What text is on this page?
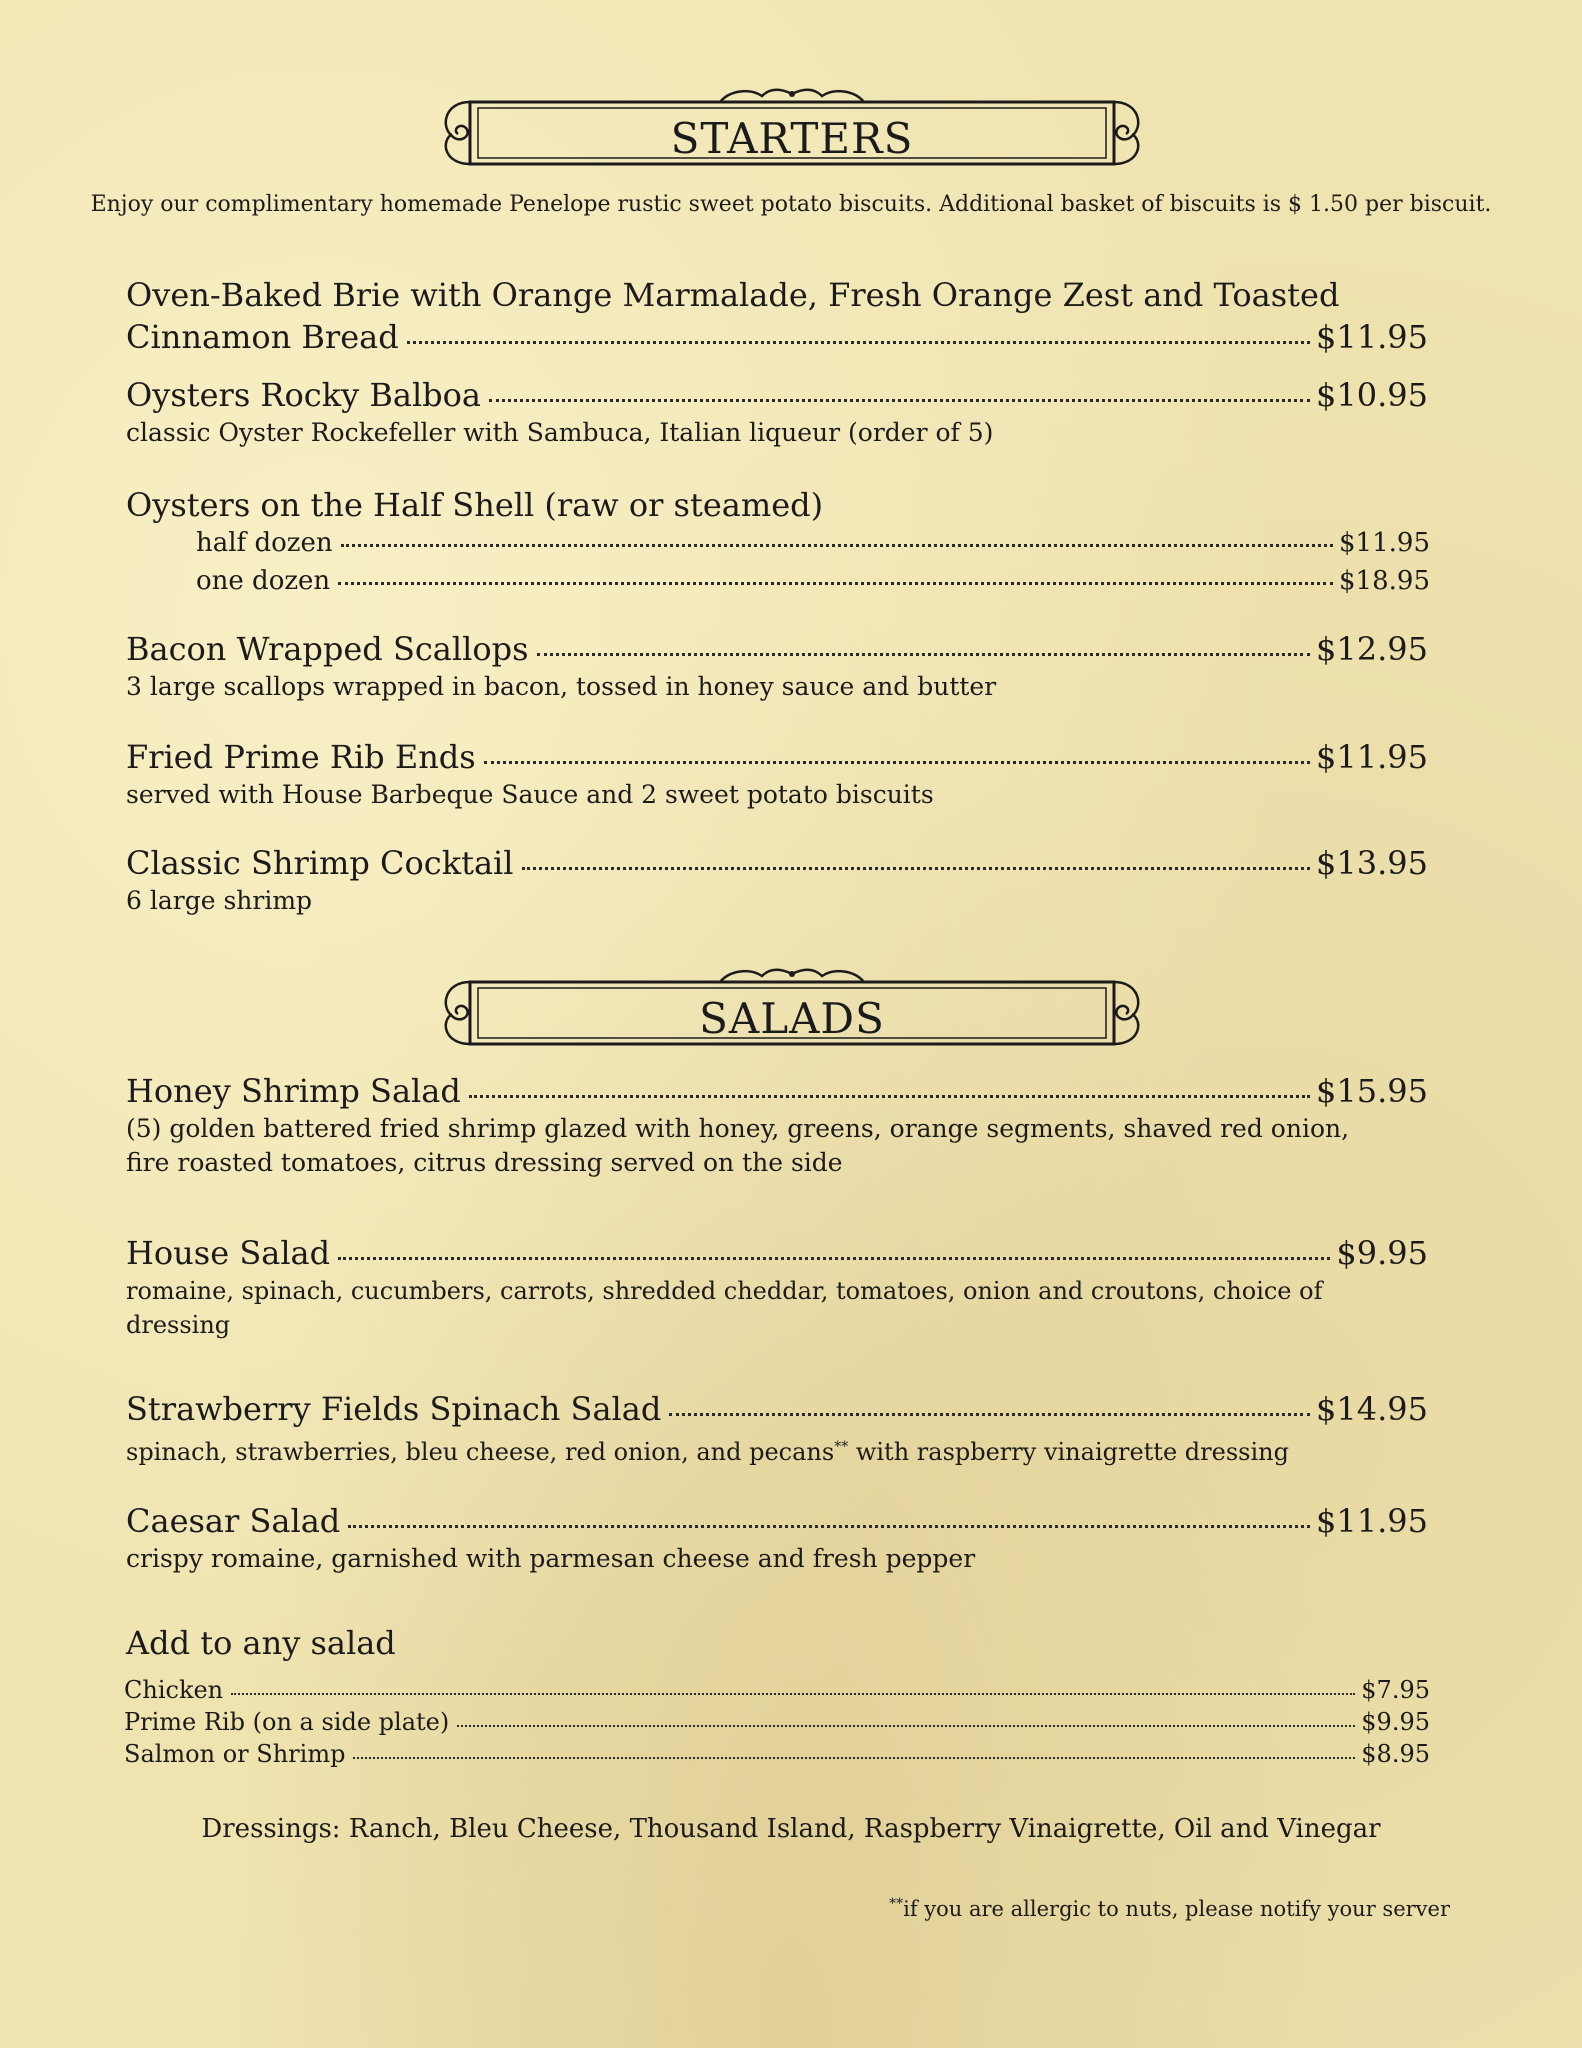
STARTERS
Enjoy our complimentary homemade Penelope rustic sweet potato biscuits. Additional basket of biscuits is $ 1.50 per biscuit.
Oven-Baked Brie with Orange Marmalade, Fresh Orange Zest and Toasted
Cinnamon Bread	$11.95
Oysters Rocky Balboa	$10.95
classic Oyster Rockefeller with Sambuca, Italian liqueur (order of 5)
Oysters on the Half Shell (raw or steamed)
half dozen	$11.95
one dozen	$18.95
Bacon Wrapped Scallops	$12.95
3 large scallops wrapped in bacon, tossed in honey sauce and butter
Fried Prime Rib Ends	$11.95
served with House Barbeque Sauce and 2 sweet potato biscuits
Classic Shrimp Cocktail	$13.95
6 large shrimp
SALADS
Honey Shrimp Salad	$15.95
(5) golden battered fried shrimp glazed with honey, greens, orange segments, shaved red onion, fire roasted tomatoes, citrus dressing served on the side
House Salad	$9.95
romaine, spinach, cucumbers, carrots, shredded cheddar, tomatoes, onion and croutons, choice of dressing
Strawberry Fields Spinach Salad	$14.95
spinach, strawberries, bleu cheese, red onion, and pecans** with raspberry vinaigrette dressing
Caesar Salad	$11.95
crispy romaine, garnished with parmesan cheese and fresh pepper
Add to any salad
Chicken	$7.95
Prime Rib (on a side plate)	$9.95
Salmon or Shrimp	$8.95
Dressings: Ranch, Bleu Cheese, Thousand Island, Raspberry Vinaigrette, Oil and Vinegar
**if you are allergic to nuts, please notify your server
